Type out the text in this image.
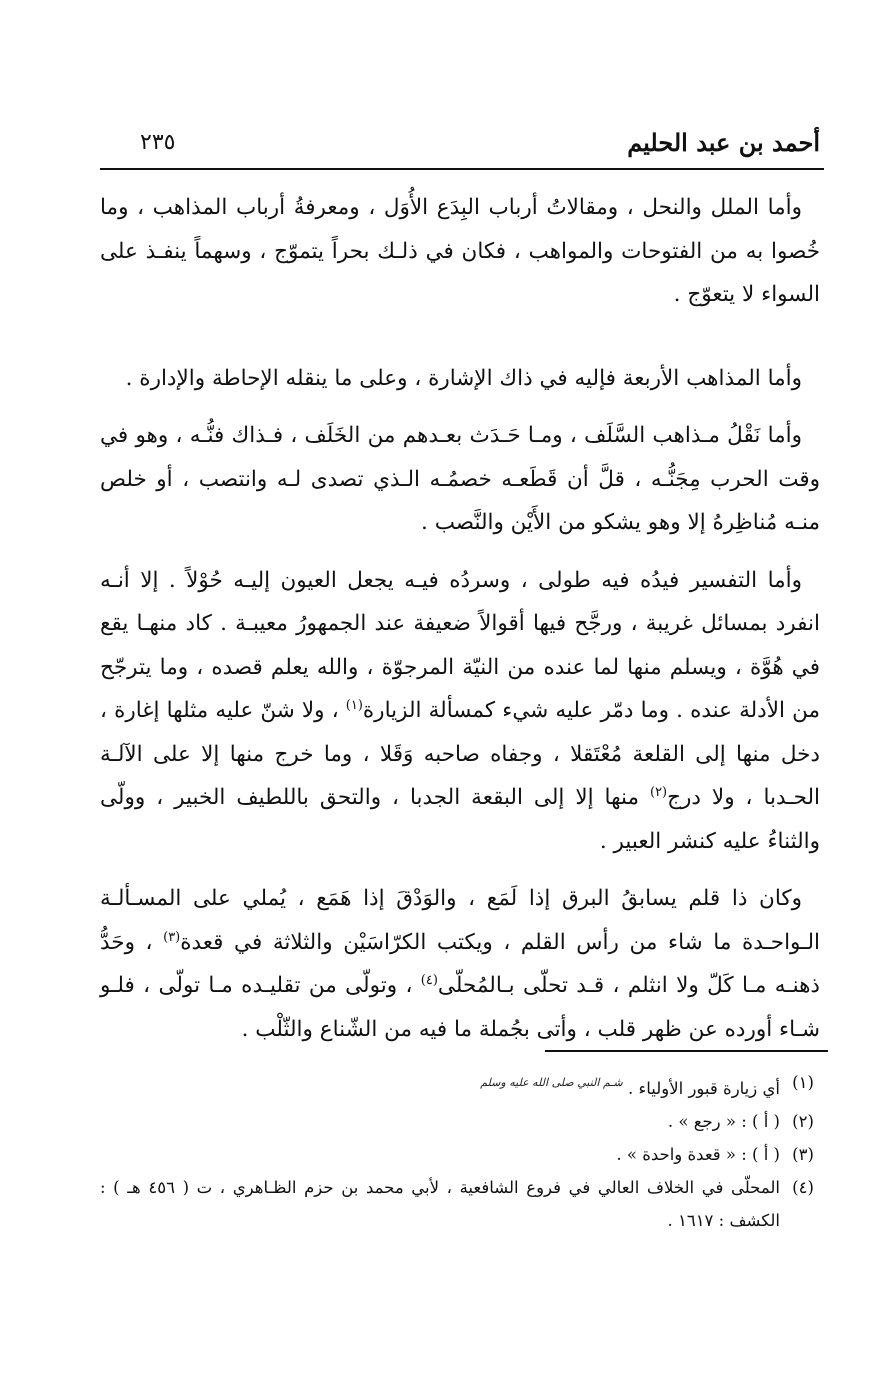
أحمد بن عبد الحليم
٢٣٥

وأما الملل والنحل ، ومقالاتُ أرباب البِدَع الأُوَل ، ومعرفةُ أرباب المذاهب ، وما خُصوا به من الفتوحات والمواهب ، فكان في ذلـك بحراً يتموّج ، وسهماً ينفـذ على السواء لا يتعوّج .

وأما المذاهب الأربعة فإليه في ذاك الإشارة ، وعلى ما ينقله الإحاطة والإدارة .

وأما نَقْلُ مـذاهب السَّلَف ، ومـا حَـدَث بعـدهم من الخَلَف ، فـذاك فنُّـه ، وهو في وقت الحرب مِجَنُّـه ، قلَّ أن قَطَعـه خصمُـه الـذي تصدى لـه وانتصب ، أو خلص منـه مُناظِرهُ إلا وهو يشكو من الأَيْن والنَّصب .

وأما التفسير فيدُه فيه طولى ، وسردُه فيـه يجعل العيون إليـه حُوْلاً . إلا أنـه انفرد بمسائل غريبة ، ورجَّح فيها أقوالاً ضعيفة عند الجمهورُ معيبـة . كاد منهـا يقع في هُوَّة ، ويسلم منها لما عنده من النيّة المرجوّة ، والله يعلم قصده ، وما يترجّح من الأدلة عنده . وما دمّر عليه شيء كمسألة الزيارة$^{(١)}$ ، ولا شنّ عليه مثلها إغارة ، دخل منها إلى القلعة مُعْتَقلا ، وجفاه صاحبه وَقَلا ، وما خرج منها إلا على الآلـة الحـدبا ، ولا درج$^{(٢)}$ منها إلا إلى البقعة الجدبا ، والتحق باللطيف الخبير ، وولّى والثناءُ عليه كنشر العبير .

وكان ذا قلم يسابقُ البرق إذا لَمَع ، والوَدْقَ إذا هَمَع ، يُملي على المسـألـة الـواحـدة ما شاء من رأس القلم ، ويكتب الكرّاسَيْن والثلاثة في قعدة$^{(٣)}$ ، وحَدُّ ذهنـه مـا كَلّ ولا انثلم ، قـد تحلّى بـالمُحلّى$^{(٤)}$ ، وتولّى من تقليـده مـا تولّى ، فلـو شـاء أورده عن ظهر قلب ، وأتى بجُملة ما فيه من الشّناع والثّلْب .

(١)
أي زيارة قبور الأولياء . $^{شـم النبي صلى الله عليه وسلم}$
(٢)
( أ ) : « رجع » .
(٣)
( أ ) : « قعدة واحدة » .
(٤)
المحلّى في الخلاف العالي في فروع الشافعية ، لأبي محمد بن حزم الظـاهري ، ت ( ٤٥٦ هـ ) : الكشف : ١٦١٧ .
